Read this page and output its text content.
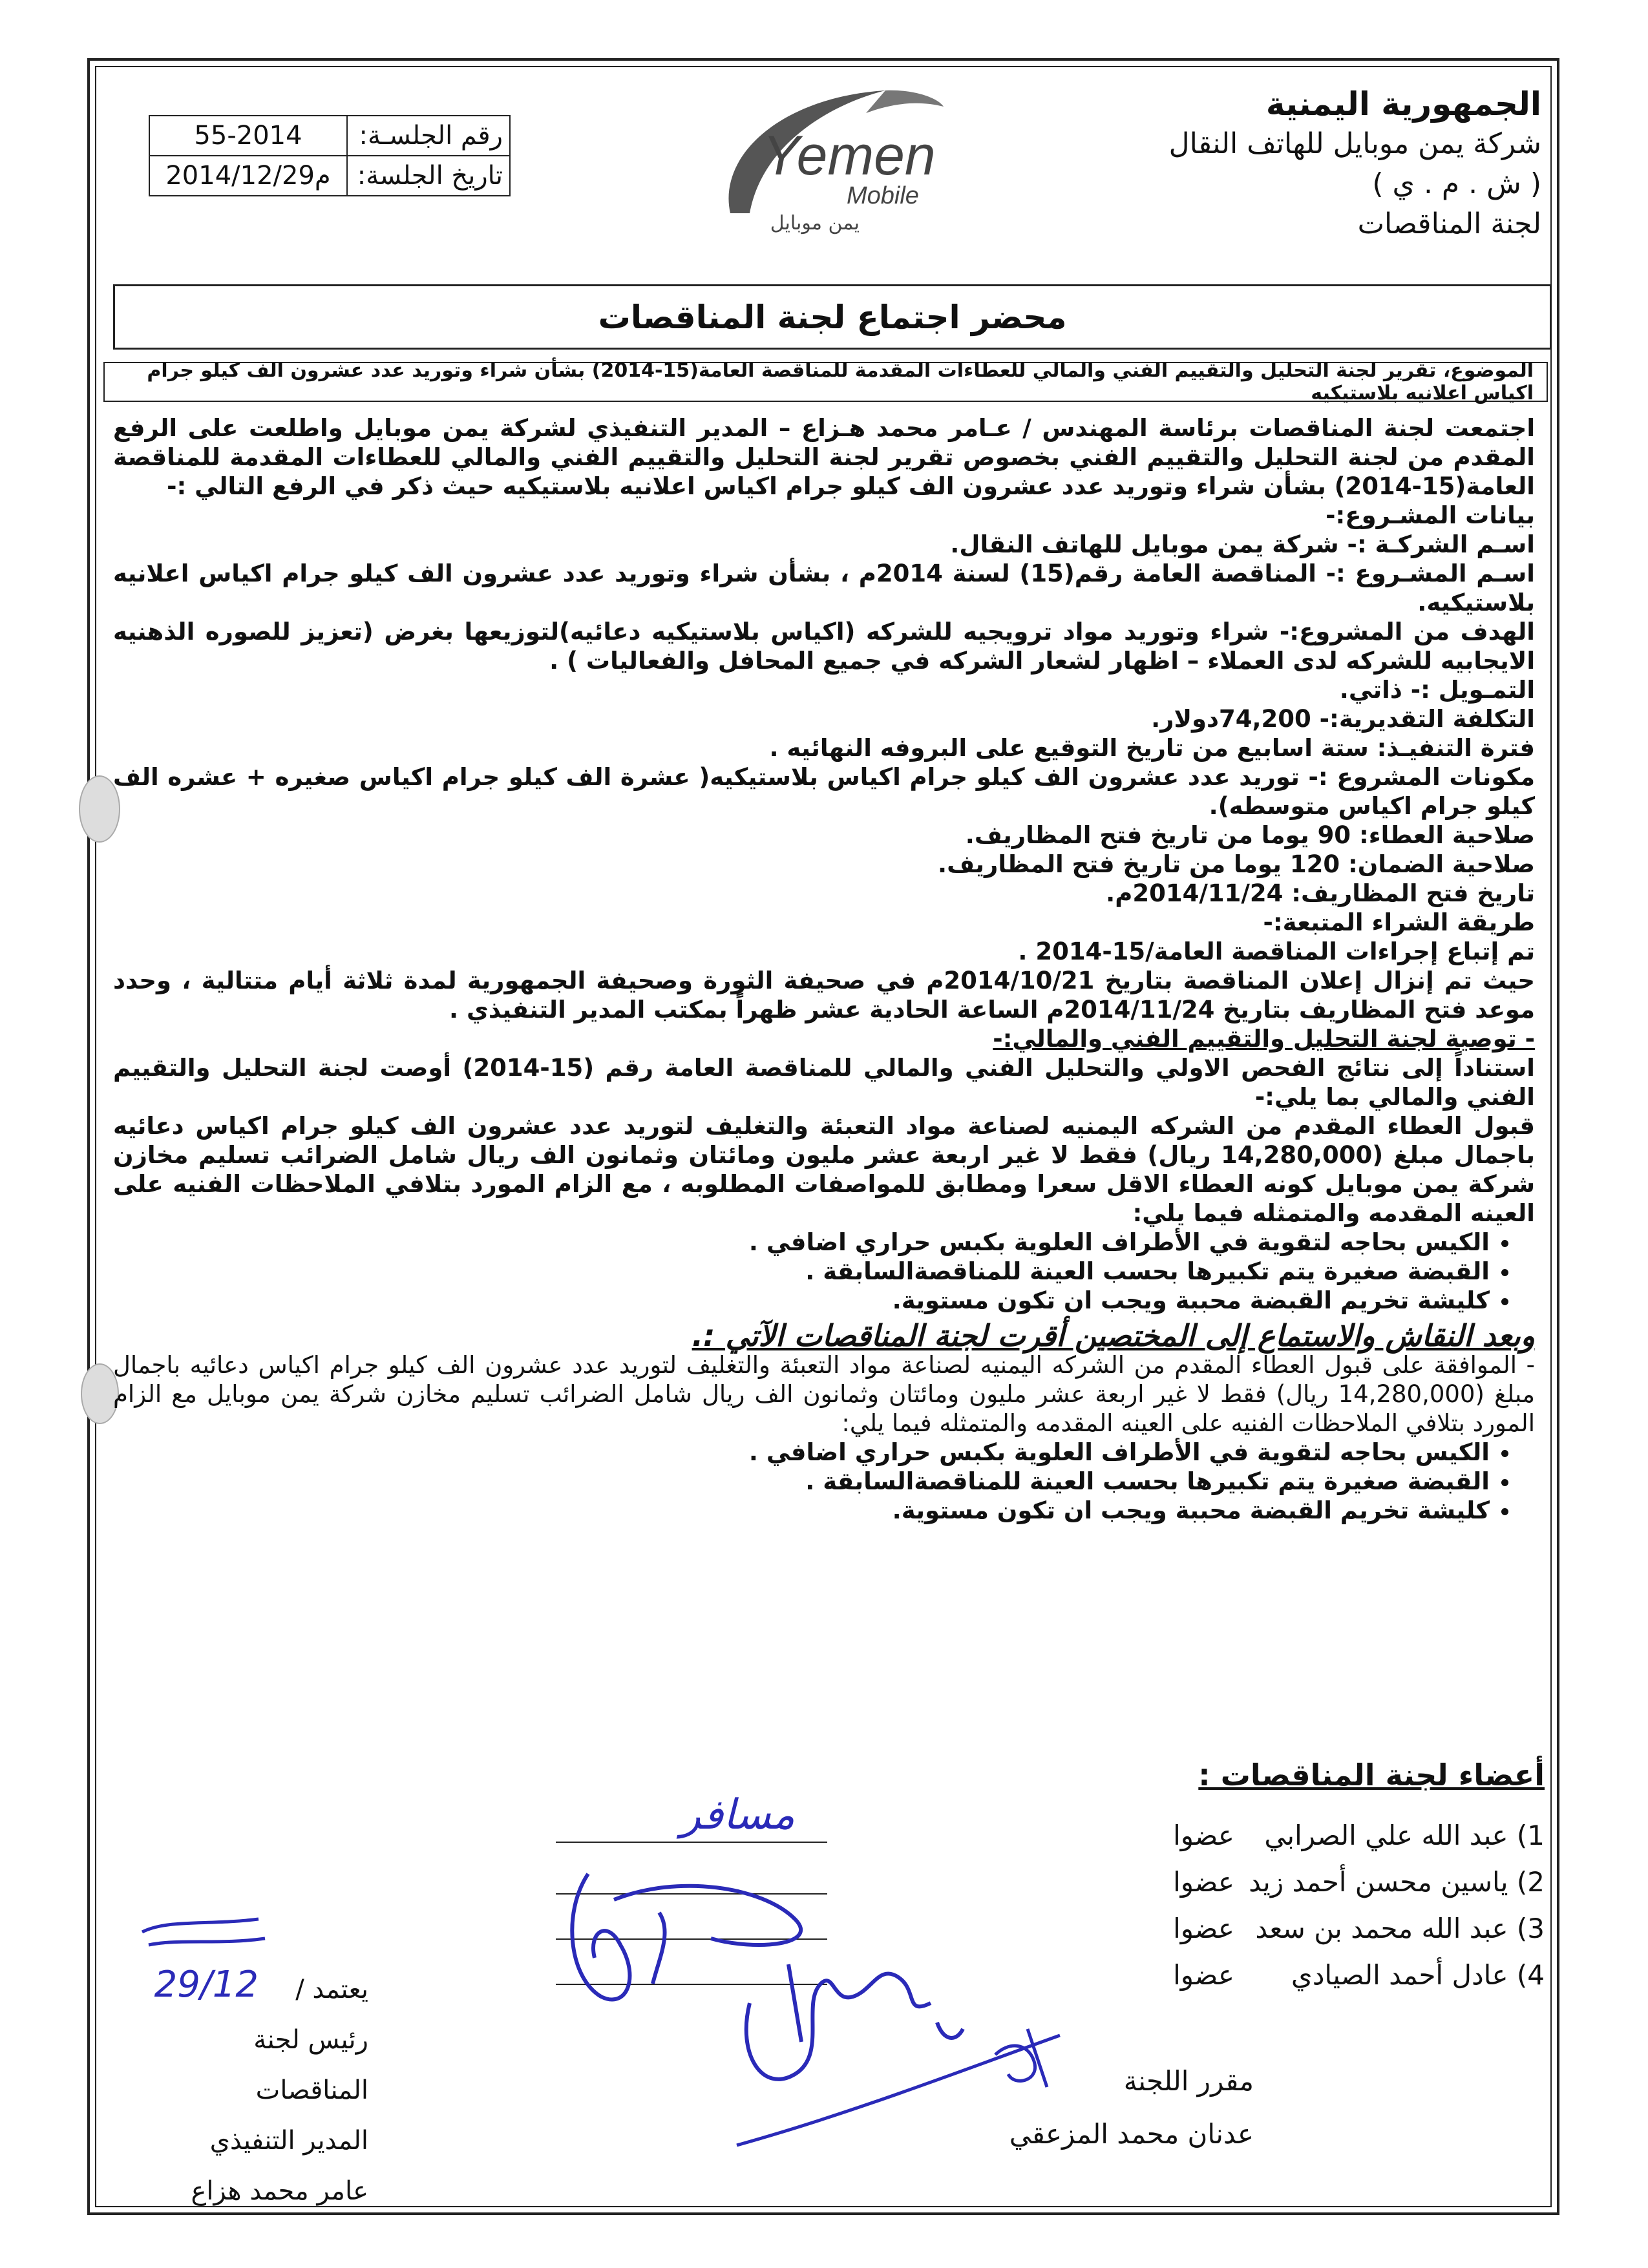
الجمهورية اليمنية
شركة يمن موبايل للهاتف النقال
( ش . م . ي )
لجنة المناقصات
Yemen
Mobile
يمن موبايل
رقم الجلسـة:
55-2014
تاريخ الجلسة:
2014/12/29م
محضر اجتماع لجنة المناقصات
الموضوع، تقرير لجنة التحليل والتقييم الفني والمالي للعطاءات المقدمة للمناقصة العامة(15-2014) بشأن شراء وتوريد عدد عشرون الف كيلو جرام اكياس اعلانيه بلاستيكيه

اجتمعت لجنة المناقصات برئاسة المهندس / عـامر محمد هـزاع – المدير التنفيذي لشركة يمن موبايل واطلعت على الرفع المقدم من لجنة التحليل والتقييم الفني بخصوص تقرير لجنة التحليل والتقييم الفني والمالي للعطاءات المقدمة للمناقصة العامة(15-2014) بشأن شراء وتوريد عدد عشرون الف كيلو جرام اكياس اعلانيه بلاستيكيه حيث ذكر في الرفع التالي :-

بيانات المشـروع:-

اسـم الشركـة :- شركة يمن موبايل للهاتف النقال.

اسـم المشـروع :- المناقصة العامة رقم(15) لسنة 2014م ، بشأن شراء وتوريد عدد عشرون الف كيلو جرام اكياس اعلانيه بلاستيكيه.

الهدف من المشروع:- شراء وتوريد مواد ترويجيه للشركه (اكياس بلاستيكيه دعائيه)لتوزيعها بغرض (تعزيز للصوره الذهنيه الايجابيه للشركه لدى العملاء – اظهار لشعار الشركه في جميع المحافل والفعاليات ) .

التمـويل :- ذاتي.

التكلفة التقديرية:- 74,200دولار.

فترة التنفيـذ: ستة اسابيع من تاريخ التوقيع على البروفه النهائيه .

مكونات المشروع :- توريد عدد عشرون الف كيلو جرام اكياس بلاستيكيه( عشرة الف كيلو جرام اكياس صغيره + عشره الف كيلو جرام اكياس متوسطه).

صلاحية العطاء: 90 يوما من تاريخ فتح المظاريف.

صلاحية الضمان: 120 يوما من تاريخ فتح المظاريف.

تاريخ فتح المظاريف: 2014/11/24م.

طريقة الشراء المتبعة:-

تم إتباع إجراءات المناقصة العامة/15-2014 .

حيث تم إنزال إعلان المناقصة بتاريخ 2014/10/21م في صحيفة الثورة وصحيفة الجمهورية لمدة ثلاثة أيام متتالية ، وحدد موعد فتح المظاريف بتاريخ 2014/11/24م الساعة الحادية عشر ظهراً بمكتب المدير التنفيذي .

- توصية لجنة التحليل والتقييم الفني والمالي:-

استناداً إلى نتائج الفحص الاولي والتحليل الفني والمالي للمناقصة العامة رقم (15-2014) أوصت لجنة التحليل والتقييم الفني والمالي بما يلي:-

قبول العطاء المقدم من الشركه اليمنيه لصناعة مواد التعبئة والتغليف لتوريد عدد عشرون الف كيلو جرام اكياس دعائيه باجمال مبلغ (14,280,000 ريال) فقط لا غير اربعة عشر مليون ومائتان وثمانون الف ريال شامل الضرائب تسليم مخازن شركة يمن موبايل كونه العطاء الاقل سعرا ومطابق للمواصفات المطلوبه ، مع الزام المورد بتلافي الملاحظات الفنيه على العينه المقدمه والمتمثله فيما يلي:

• الكيس بحاجه لتقوية في الأطراف العلوية بكبس حراري اضافي .
• القبضة صغيرة يتم تكبيرها بحسب العينة للمناقصةالسابقة .
• كليشة تخريم القبضة محببة ويجب ان تكون مستوية.

وبعد النقاش والاستماع إلى المختصين أقرت لجنة المناقصات الآتي :.

- الموافقة على قبول العطاء المقدم من الشركه اليمنيه لصناعة مواد التعبئة والتغليف لتوريد عدد عشرون الف كيلو جرام اكياس دعائيه باجمال مبلغ (14,280,000 ريال) فقط لا غير اربعة عشر مليون ومائتان وثمانون الف ريال شامل الضرائب تسليم مخازن شركة يمن موبايل مع الزام المورد بتلافي الملاحظات الفنيه على العينه المقدمه والمتمثله فيما يلي:

• الكيس بحاجه لتقوية في الأطراف العلوية بكبس حراري اضافي .
• القبضة صغيرة يتم تكبيرها بحسب العينة للمناقصةالسابقة .
• كليشة تخريم القبضة محببة ويجب ان تكون مستوية.
أعضاء لجنة المناقصات :
1) عبد الله علي الصرابي
عضوا
2) ياسين محسن أحمد زيد
عضوا
3) عبد الله محمد بن سعد
عضوا
4) عادل أحمد الصيادي
عضوا
يعتمد /
رئيس لجنة المناقصات
المدير التنفيذي
عامر محمد هزاع
مقرر اللجنة
عدنان محمد المزعقي
مسافر
29/12
